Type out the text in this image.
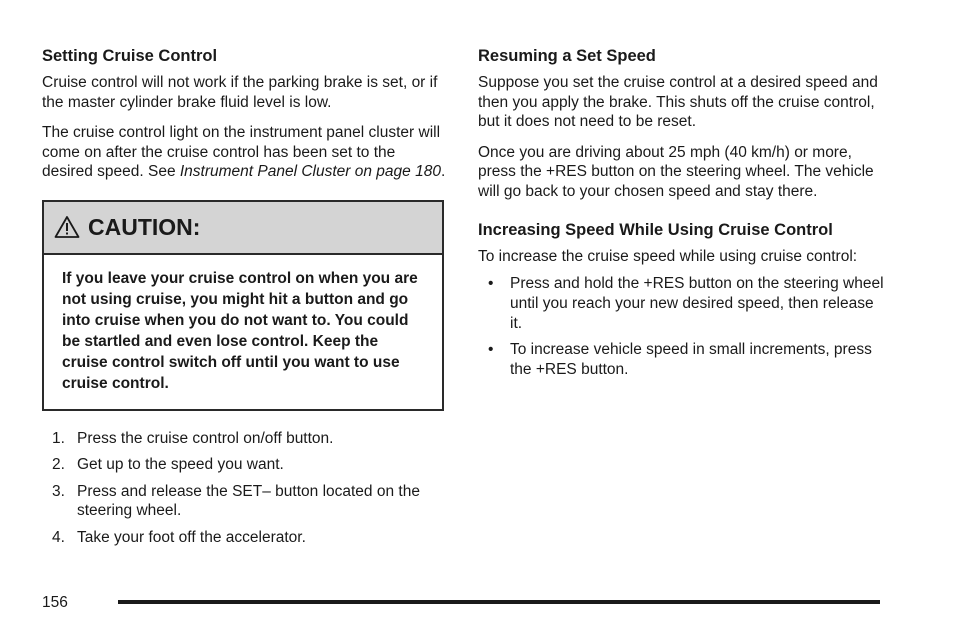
Setting Cruise Control

Cruise control will not work if the parking brake is set, or if the master cylinder brake fluid level is low.

The cruise control light on the instrument panel cluster will come on after the cruise control has been set to the desired speed. See Instrument Panel Cluster on page 180.

CAUTION:
If you leave your cruise control on when you are not using cruise, you might hit a button and go into cruise when you do not want to. You could be startled and even lose control. Keep the cruise control switch off until you want to use cruise control.
1. Press the cruise control on/off button.
2. Get up to the speed you want.
3. Press and release the SET– button located on the steering wheel.
4. Take your foot off the accelerator.
Resuming a Set Speed

Suppose you set the cruise control at a desired speed and then you apply the brake. This shuts off the cruise control, but it does not need to be reset.

Once you are driving about 25 mph (40 km/h) or more, press the +RES button on the steering wheel. The vehicle will go back to your chosen speed and stay there.

Increasing Speed While Using Cruise Control

To increase the cruise speed while using cruise control:

•	Press and hold the +RES button on the steering wheel until you reach your new desired speed, then release it.
•	To increase vehicle speed in small increments, press the +RES button.
156
